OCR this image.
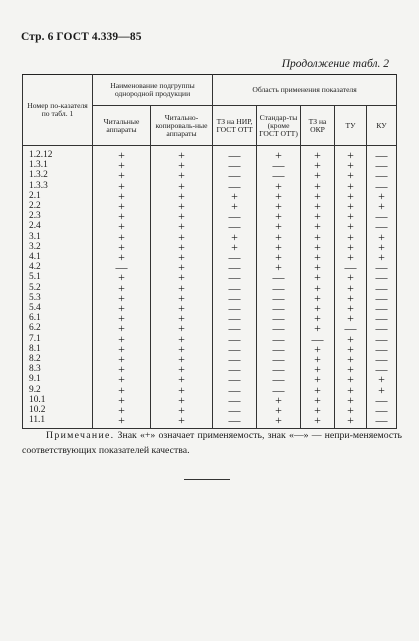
Стр. 6 ГОСТ 4.339—85
Продолжение табл. 2
Номер по-казателя по табл. 1	Наименование подгруппы однородной продукции		Область применения показателя				
	Читальные аппараты	Читально-копироваль-ные аппараты	ТЗ на НИР, ГОСТ ОТТ	Стандар-ты (кроме ГОСТ ОТТ)	ТЗ на ОКР	ТУ	КУ
1.2.12	+	+	—	+	+	+	—
1.3.1	+	+	—	—	+	+	—
1.3.2	+	+	—	—	+	+	—
1.3.3	+	+	—	+	+	+	—
2.1	+	+	+	+	+	+	+
2.2	+	+	+	+	+	+	+
2.3	+	+	—	+	+	+	—
2.4	+	+	—	+	+	+	—
3.1	+	+	+	+	+	+	+
3.2	+	+	+	+	+	+	+
4.1	+	+	—	+	+	+	+
4.2	—	+	—	+	+	—	—
5.1	+	+	—	—	+	+	—
5.2	+	+	—	—	+	+	—
5.3	+	+	—	—	+	+	—
5.4	+	+	—	—	+	+	—
6.1	+	+	—	—	+	+	—
6.2	+	+	—	—	+	—	—
7.1	+	+	—	—	—	+	—
8.1	+	+	—	—	+	+	—
8.2	+	+	—	—	+	+	—
8.3	+	+	—	—	+	+	—
9.1	+	+	—	—	+	+	+
9.2	+	+	—	—	+	+	+
10.1	+	+	—	+	+	+	—
10.2	+	+	—	+	+	+	—
11.1	+	+	—	+	+	+	—
Примечание. Знак «+» означает применяемость, знак «—» — непри-меняемость соответствующих показателей качества.
